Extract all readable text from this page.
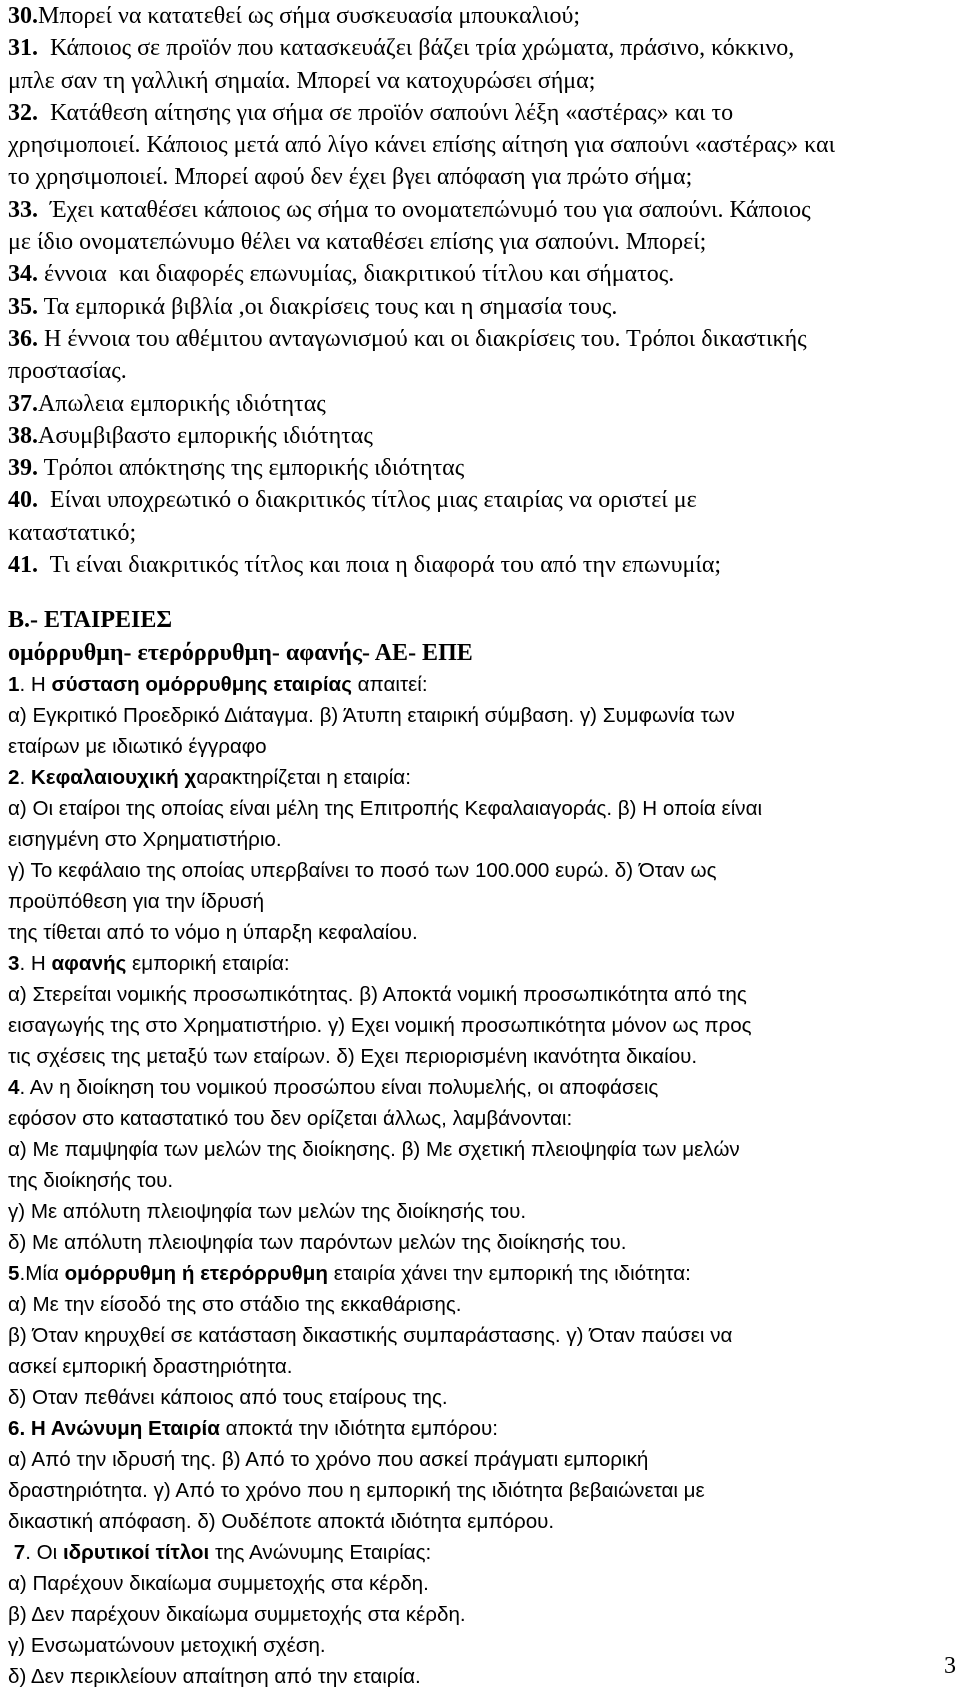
30.Μπορεί να κατατεθεί ως σήμα συσκευασία μπουκαλιού;
31.  Κάποιος σε προϊόν που κατασκευάζει βάζει τρία χρώματα, πράσινο, κόκκινο,
μπλε σαν τη γαλλική σημαία. Μπορεί να κατοχυρώσει σήμα;
32.  Κατάθεση αίτησης για σήμα σε προϊόν σαπούνι λέξη «αστέρας» και το
χρησιμοποιεί. Κάποιος μετά από λίγο κάνει επίσης αίτηση για σαπούνι «αστέρας» και
το χρησιμοποιεί. Μπορεί αφού δεν έχει βγει απόφαση για πρώτο σήμα;
33.  Έχει καταθέσει κάποιος ως σήμα το ονοματεπώνυμό του για σαπούνι. Κάποιος
με ίδιο ονοματεπώνυμο θέλει να καταθέσει επίσης για σαπούνι. Μπορεί;
34. έννοια  και διαφορές επωνυμίας, διακριτικού τίτλου και σήματος.
35. Τα εμπορικά βιβλία ,οι διακρίσεις τους και η σημασία τους.
36. Η έννοια του αθέμιτου ανταγωνισμού και οι διακρίσεις του. Τρόποι δικαστικής
προστασίας.
37.Απωλεια εμπορικής ιδιότητας
38.Ασυμβιβαστο εμπορικής ιδιότητας
39. Τρόποι απόκτησης της εμπορικής ιδιότητας
40.  Είναι υποχρεωτικό ο διακριτικός τίτλος μιας εταιρίας να οριστεί με
καταστατικό;
41.  Τι είναι διακριτικός τίτλος και ποια η διαφορά του από την επωνυμία;
Β.- ΕΤΑΙΡΕΙΕΣ
ομόρρυθμη- ετερόρρυθμη- αφανής- ΑΕ- ΕΠΕ
1. Η σύσταση ομόρρυθμης εταιρίας απαιτεί:
α) Εγκριτικό Προεδρικό Διάταγμα. β) Άτυπη εταιρική σύμβαση. γ) Συμφωνία των
εταίρων με ιδιωτικό έγγραφο
2. Κεφαλαιουχική χαρακτηρίζεται η εταιρία:
α) Οι εταίροι της οποίας είναι μέλη της Επιτροπής Κεφαλαιαγοράς. β) Η οποία είναι
εισηγμένη στο Χρηματιστήριο.
γ) Το κεφάλαιο της οποίας υπερβαίνει το ποσό των 100.000 ευρώ. δ) Όταν ως
προϋπόθεση για την ίδρυσή
της τίθεται από το νόμο η ύπαρξη κεφαλαίου.
3. Η αφανής εμπορική εταιρία:
α) Στερείται νομικής προσωπικότητας. β) Αποκτά νομική προσωπικότητα από της
εισαγωγής της στο Χρηματιστήριο. γ) Εχει νομική προσωπικότητα μόνον ως προς
τις σχέσεις της μεταξύ των εταίρων. δ) Εχει περιορισμένη ικανότητα δικαίου.
4. Αν η διοίκηση του νομικού προσώπου είναι πολυμελής, οι αποφάσεις
εφόσον στο καταστατικό του δεν ορίζεται άλλως, λαμβάνονται:
α) Με παμψηφία των μελών της διοίκησης. β) Με σχετική πλειοψηφία των μελών
της διοίκησής του.
γ) Με απόλυτη πλειοψηφία των μελών της διοίκησής του.
δ) Με απόλυτη πλειοψηφία των παρόντων μελών της διοίκησής του.
5.Μία ομόρρυθμη ή ετερόρρυθμη εταιρία χάνει την εμπορική της ιδιότητα:
α) Με την είσοδό της στο στάδιο της εκκαθάρισης.
β) Όταν κηρυχθεί σε κατάσταση δικαστικής συμπαράστασης. γ) Όταν παύσει να
ασκεί εμπορική δραστηριότητα.
δ) Οταν πεθάνει κάποιος από τους εταίρους της.
6. Η Ανώνυμη Εταιρία αποκτά την ιδιότητα εμπόρου:
α) Από την ιδρυσή της. β) Από το χρόνο που ασκεί πράγματι εμπορική
δραστηριότητα. γ) Από το χρόνο που η εμπορική της ιδιότητα βεβαιώνεται με
δικαστική απόφαση. δ) Ουδέποτε αποκτά ιδιότητα εμπόρου.
7. Οι ιδρυτικοί τίτλοι της Ανώνυμης Εταιρίας:
α) Παρέχουν δικαίωμα συμμετοχής στα κέρδη.
β) Δεν παρέχουν δικαίωμα συμμετοχής στα κέρδη.
γ) Ενσωματώνουν μετοχική σχέση.
δ) Δεν περικλείουν απαίτηση από την εταιρία.	3
